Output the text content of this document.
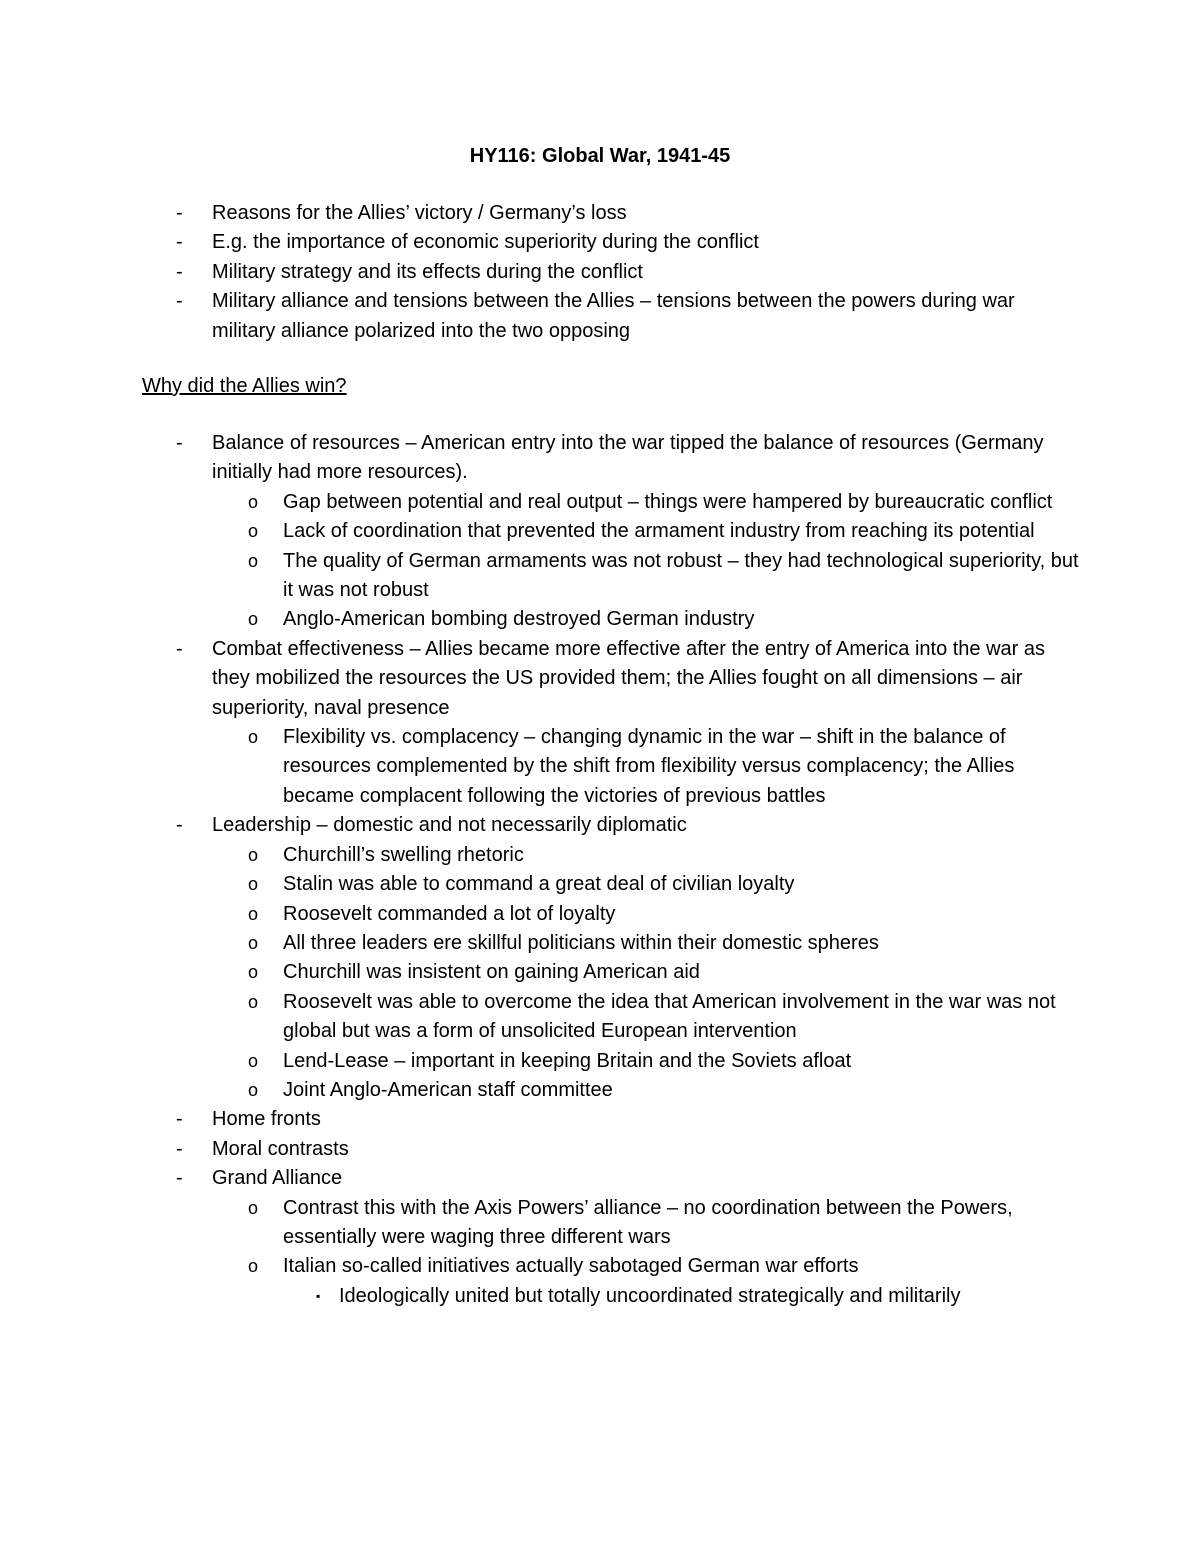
HY116: Global War, 1941-45
- Reasons for the Allies’ victory / Germany’s loss
- E.g. the importance of economic superiority during the conflict
- Military strategy and its effects during the conflict
- Military alliance and tensions between the Allies – tensions between the powers during war military alliance polarized into the two opposing
Why did the Allies win?
- Balance of resources – American entry into the war tipped the balance of resources (Germany initially had more resources).
o Gap between potential and real output – things were hampered by bureaucratic conflict
o Lack of coordination that prevented the armament industry from reaching its potential
o The quality of German armaments was not robust – they had technological superiority, but it was not robust
o Anglo-American bombing destroyed German industry
- Combat effectiveness – Allies became more effective after the entry of America into the war as they mobilized the resources the US provided them; the Allies fought on all dimensions – air superiority, naval presence
o Flexibility vs. complacency – changing dynamic in the war – shift in the balance of resources complemented by the shift from flexibility versus complacency; the Allies became complacent following the victories of previous battles
- Leadership – domestic and not necessarily diplomatic
o Churchill’s swelling rhetoric
o Stalin was able to command a great deal of civilian loyalty
o Roosevelt commanded a lot of loyalty
o All three leaders ere skillful politicians within their domestic spheres
o Churchill was insistent on gaining American aid
o Roosevelt was able to overcome the idea that American involvement in the war was not global but was a form of unsolicited European intervention
o Lend-Lease – important in keeping Britain and the Soviets afloat
o Joint Anglo-American staff committee
- Home fronts
- Moral contrasts
- Grand Alliance
o Contrast this with the Axis Powers’ alliance – no coordination between the Powers, essentially were waging three different wars
o Italian so-called initiatives actually sabotaged German war efforts
▪ Ideologically united but totally uncoordinated strategically and militarily
